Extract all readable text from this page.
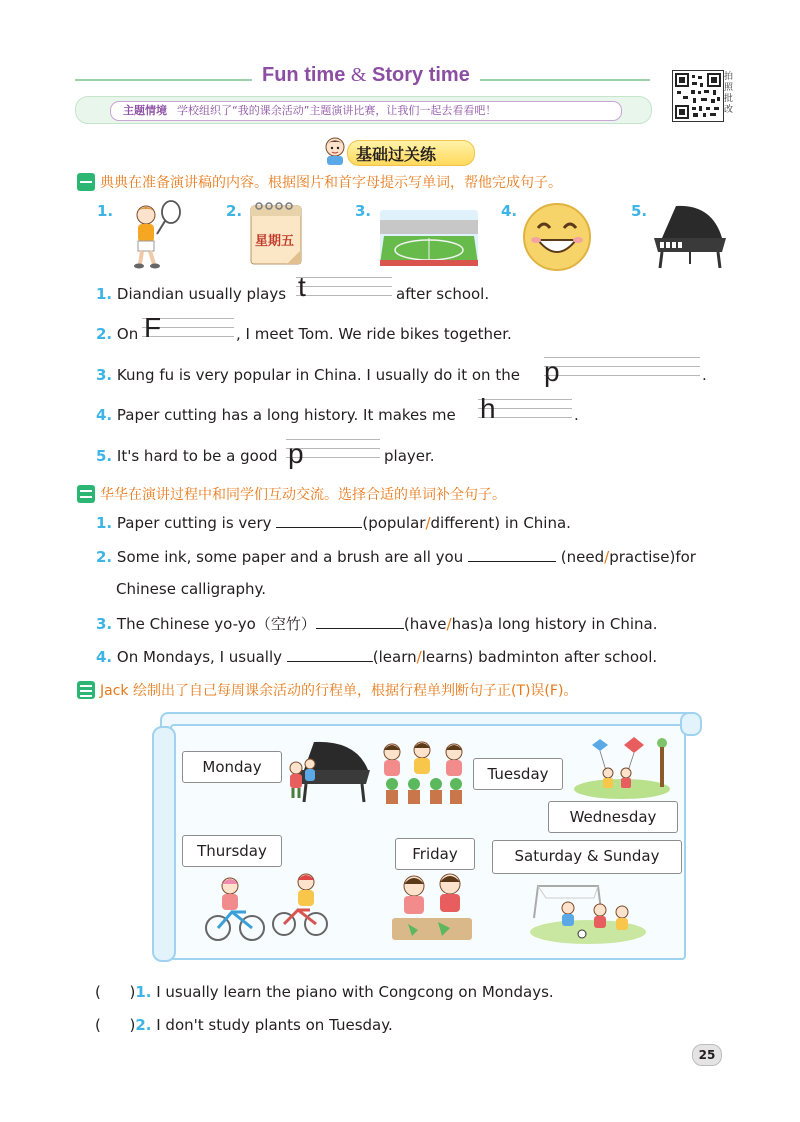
Fun time & Story time
主题情境 学校组织了“我的课余活动”主题演讲比赛，让我们一起去看看吧！
拍照批改
基础过关练
典典在准备演讲稿的内容。根据图片和首字母提示写单词，帮他完成句子。
1.	2.
星期五
3.	4.	5.
1. Diandian usually plays t	after school.
2. On F	, I meet Tom. We ride bikes together.
3. Kung fu is very popular in China. I usually do it on the p	.
4. Paper cutting has a long history. It makes me h	.
5. It's hard to be a good p	player.
华华在演讲过程中和同学们互动交流。选择合适的单词补全句子。
1. Paper cutting is very	(popular/different) in China.
2. Some ink, some paper and a brush are all you	(need/practise)for
Chinese calligraphy.
3. The Chinese yo-yo（空竹）	(have/has)a long history in China.
4. On Mondays, I usually	(learn/learns) badminton after school.
Jack 绘制出了自己每周课余活动的行程单，根据行程单判断句子正(T)误(F)。
Monday	Tuesday
Wednesday
Thursday	Friday	Saturday & Sunday
(      )1. I usually learn the piano with Congcong on Mondays.
(      )2. I don't study plants on Tuesday.
25
